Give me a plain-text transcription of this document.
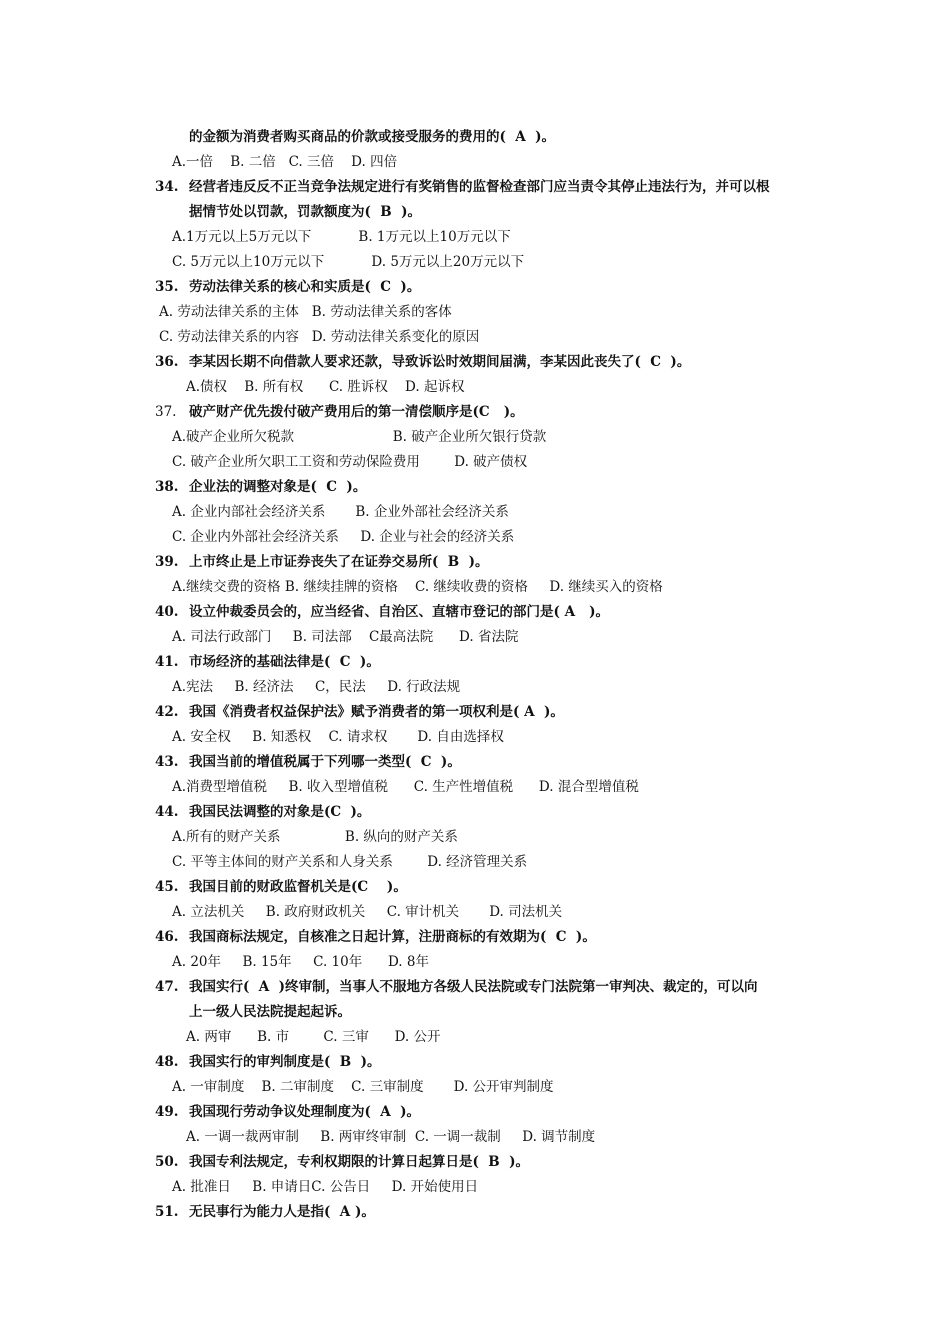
的金额为消费者购买商品的价款或接受服务的费用的(  A  )。
A.一倍    B. 二倍   C. 三倍    D. 四倍
34. 经营者违反反不正当竞争法规定进行有奖销售的监督检查部门应当责令其停止违法行为，并可以根
据情节处以罚款，罚款额度为(  B  )。
A.1万元以上5万元以下           B. 1万元以上10万元以下
C. 5万元以上10万元以下           D. 5万元以上20万元以下
35. 劳动法律关系的核心和实质是(  C  )。
A. 劳动法律关系的主体   B. 劳动法律关系的客体
C. 劳动法律关系的内容   D. 劳动法律关系变化的原因
36. 李某因长期不向借款人要求还款，导致诉讼时效期间届满，李某因此丧失了(  C  )。
A.债权    B. 所有权      C. 胜诉权    D. 起诉权
37. 破产财产优先拨付破产费用后的第一清偿顺序是(C   )。
A.破产企业所欠税款                       B. 破产企业所欠银行贷款
C. 破产企业所欠职工工资和劳动保险费用        D. 破产债权
38. 企业法的调整对象是(  C  )。
A. 企业内部社会经济关系       B. 企业外部社会经济关系
C. 企业内外部社会经济关系     D. 企业与社会的经济关系
39. 上市终止是上市证券丧失了在证券交易所(  B  )。
A.继续交费的资格 B. 继续挂牌的资格    C. 继续收费的资格     D. 继续买入的资格
40. 设立仲裁委员会的，应当经省、自治区、直辖市登记的部门是( A   )。
A. 司法行政部门     B. 司法部    C最高法院      D. 省法院
41. 市场经济的基础法律是(  C  )。
A.宪法     B. 经济法     C，民法     D. 行政法规
42. 我国《消费者权益保护法》赋予消费者的第一项权利是( A  )。
A. 安全权     B. 知悉权    C. 请求权       D. 自由选择权
43. 我国当前的增值税属于下列哪一类型(  C  )。
A.消费型增值税     B. 收入型增值税      C. 生产性增值税      D. 混合型增值税
44. 我国民法调整的对象是(C  )。
A.所有的财产关系               B. 纵向的财产关系
C. 平等主体间的财产关系和人身关系        D. 经济管理关系
45. 我国目前的财政监督机关是(C    )。
A. 立法机关     B. 政府财政机关     C. 审计机关       D. 司法机关
46. 我国商标法规定，自核准之日起计算，注册商标的有效期为(  C  )。
A. 20年     B. 15年     C. 10年      D. 8年
47. 我国实行(  A  )终审制，当事人不服地方各级人民法院或专门法院第一审判决、裁定的，可以向
上一级人民法院提起起诉。
A. 两审      B. 市        C. 三审      D. 公开
48. 我国实行的审判制度是(  B  )。
A. 一审制度    B. 二审制度    C. 三审制度       D. 公开审判制度
49. 我国现行劳动争议处理制度为(  A  )。
A. 一调一裁两审制     B. 两审终审制  C. 一调一裁制     D. 调节制度
50. 我国专利法规定，专利权期限的计算日起算日是(  B  )。
A. 批准日     B. 申请日C. 公告日     D. 开始使用日
51. 无民事行为能力人是指(  A )。
